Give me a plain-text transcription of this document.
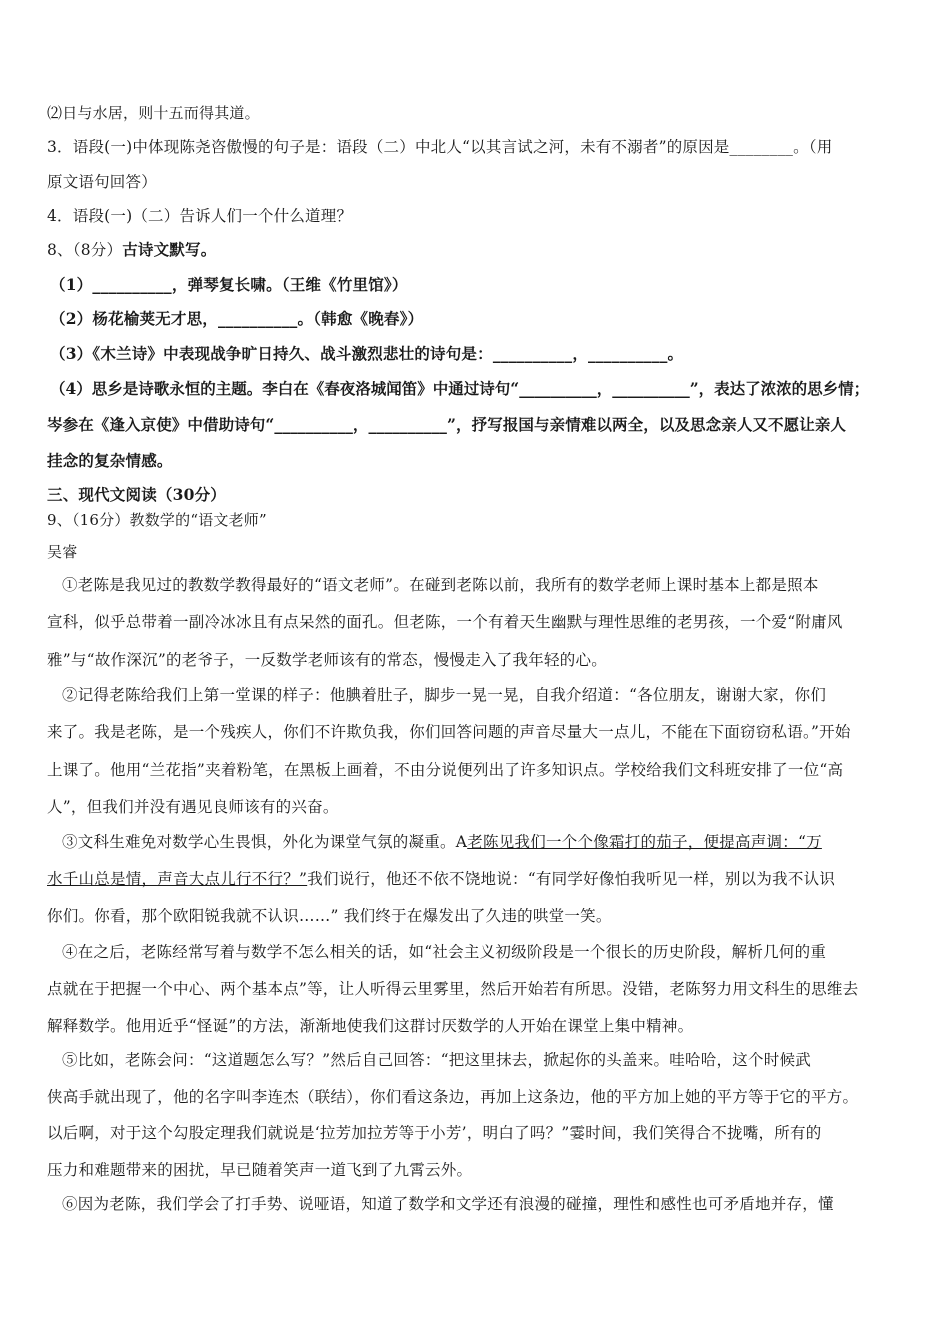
⑵日与水居，则十五而得其道。
3．语段(一)中体现陈尧咨傲慢的句子是：语段（二）中北人“以其言试之河，未有不溺者”的原因是________。（用
原文语句回答）
4．语段(一)（二）告诉人们一个什么道理？
8、（8分）古诗文默写。
（1）__________，弹琴复长啸。（王维《竹里馆》）
（2）杨花榆荚无才思，__________。（韩愈《晚春》）
（3）《木兰诗》中表现战争旷日持久、战斗激烈悲壮的诗句是：__________，__________。
（4）思乡是诗歌永恒的主题。李白在《春夜洛城闻笛》中通过诗句“__________，__________”，表达了浓浓的思乡情；
岑参在《逢入京使》中借助诗句“__________，__________”，抒写报国与亲情难以两全，以及思念亲人又不愿让亲人
挂念的复杂情感。
三、现代文阅读（30分）
9、（16分）教数学的“语文老师”
吴睿
①老陈是我见过的教数学教得最好的“语文老师”。在碰到老陈以前，我所有的数学老师上课时基本上都是照本
宣科，似乎总带着一副冷冰冰且有点呆然的面孔。但老陈，一个有着天生幽默与理性思维的老男孩，一个爱“附庸风
雅”与“故作深沉”的老爷子，一反数学老师该有的常态，慢慢走入了我年轻的心。
②记得老陈给我们上第一堂课的样子：他腆着肚子，脚步一晃一晃，自我介绍道：“各位朋友，谢谢大家，你们
来了。我是老陈，是一个残疾人，你们不许欺负我，你们回答问题的声音尽量大一点儿，不能在下面窃窃私语。”开始
上课了。他用“兰花指”夹着粉笔，在黑板上画着，不由分说便列出了许多知识点。学校给我们文科班安排了一位“高
人”，但我们并没有遇见良师该有的兴奋。
③文科生难免对数学心生畏惧，外化为课堂气氛的凝重。A老陈见我们一个个像霜打的茄子，便提高声调：“万
水千山总是情，声音大点儿行不行？”我们说行，他还不依不饶地说：“有同学好像怕我听见一样，别以为我不认识
你们。你看，那个欧阳锐我就不认识……” 我们终于在爆发出了久违的哄堂一笑。
④在之后，老陈经常写着与数学不怎么相关的话，如“社会主义初级阶段是一个很长的历史阶段，解析几何的重
点就在于把握一个中心、两个基本点”等，让人听得云里雾里，然后开始若有所思。没错，老陈努力用文科生的思维去
解释数学。他用近乎“怪诞”的方法，渐渐地使我们这群讨厌数学的人开始在课堂上集中精神。
⑤比如，老陈会问：“这道题怎么写？”然后自己回答：“把这里抹去，掀起你的头盖来。哇哈哈，这个时候武
侠高手就出现了，他的名字叫李连杰（联结），你们看这条边，再加上这条边，他的平方加上她的平方等于它的平方。
以后啊，对于这个勾股定理我们就说是‘拉芳加拉芳等于小芳’，明白了吗？”霎时间，我们笑得合不拢嘴，所有的
压力和难题带来的困扰，早已随着笑声一道飞到了九霄云外。
⑥因为老陈，我们学会了打手势、说哑语，知道了数学和文学还有浪漫的碰撞，理性和感性也可矛盾地并存，懂
